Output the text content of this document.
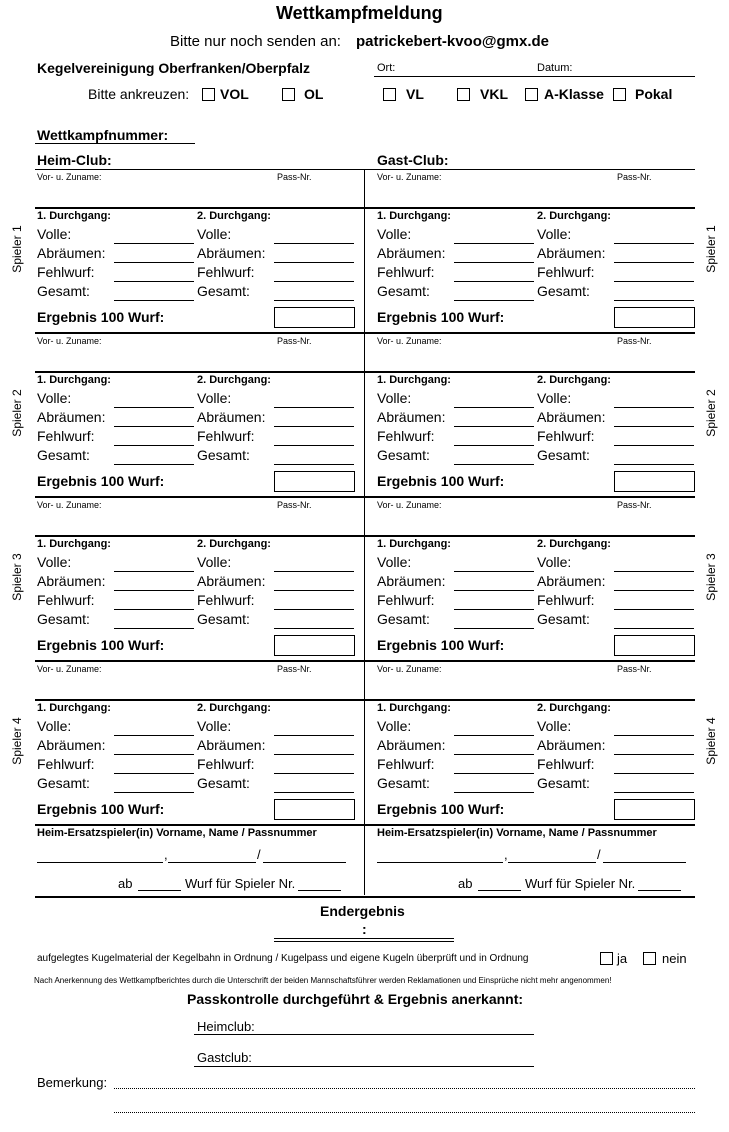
Wettkampfmeldung
Bitte nur noch senden an: patrickebert-kvoo@gmx.de
Kegelvereinigung Oberfranken/Oberpfalz	Ort:	Datum:
Bitte ankreuzen: VOL	OL	VL	VKL	A-Klasse Pokal
Wettkampfnummer:
Heim-Club:	Gast-Club:
Vor- u. Zuname:	Pass-Nr.
1. Durchgang:	2. Durchgang:
Volle:	Volle:
Abräumen:	Abräumen:
Fehlwurf:	Fehlwurf:
Gesamt:	Gesamt:
Ergebnis 100 Wurf:
Vor- u. Zuname:	Pass-Nr.
1. Durchgang:	2. Durchgang:
Volle:	Volle:
Abräumen:	Abräumen:
Fehlwurf:	Fehlwurf:
Gesamt:	Gesamt:
Ergebnis 100 Wurf:
Spieler 1	Spieler 1
Vor- u. Zuname:	Pass-Nr.
1. Durchgang:	2. Durchgang:
Volle:	Volle:
Abräumen:	Abräumen:
Fehlwurf:	Fehlwurf:
Gesamt:	Gesamt:
Ergebnis 100 Wurf:
Vor- u. Zuname:	Pass-Nr.
1. Durchgang:	2. Durchgang:
Volle:	Volle:
Abräumen:	Abräumen:
Fehlwurf:	Fehlwurf:
Gesamt:	Gesamt:
Ergebnis 100 Wurf:
Spieler 2	Spieler 2
Vor- u. Zuname:	Pass-Nr.
1. Durchgang:	2. Durchgang:
Volle:	Volle:
Abräumen:	Abräumen:
Fehlwurf:	Fehlwurf:
Gesamt:	Gesamt:
Ergebnis 100 Wurf:
Vor- u. Zuname:	Pass-Nr.
1. Durchgang:	2. Durchgang:
Volle:	Volle:
Abräumen:	Abräumen:
Fehlwurf:	Fehlwurf:
Gesamt:	Gesamt:
Ergebnis 100 Wurf:
Spieler 3	Spieler 3
Vor- u. Zuname:	Pass-Nr.
1. Durchgang:	2. Durchgang:
Volle:	Volle:
Abräumen:	Abräumen:
Fehlwurf:	Fehlwurf:
Gesamt:	Gesamt:
Ergebnis 100 Wurf:
Vor- u. Zuname:	Pass-Nr.
1. Durchgang:	2. Durchgang:
Volle:	Volle:
Abräumen:	Abräumen:
Fehlwurf:	Fehlwurf:
Gesamt:	Gesamt:
Ergebnis 100 Wurf:
Spieler 4	Spieler 4
Heim-Ersatzspieler(in) Vorname, Name / Passnummer	Heim-Ersatzspieler(in) Vorname, Name / Passnummer
,	/	,	/
ab	Wurf für Spieler Nr.	ab	Wurf für Spieler Nr.
Endergebnis
:
aufgelegtes Kugelmaterial der Kegelbahn in Ordnung / Kugelpass und eigene Kugeln überprüft und in Ordnung	ja	nein
Nach Anerkennung des Wettkampfberichtes durch die Unterschrift der beiden Mannschaftsführer werden Reklamationen und Einsprüche nicht mehr angenommen!
Passkontrolle durchgeführt & Ergebnis anerkannt:
Heimclub:
Gastclub:
Bemerkung:
